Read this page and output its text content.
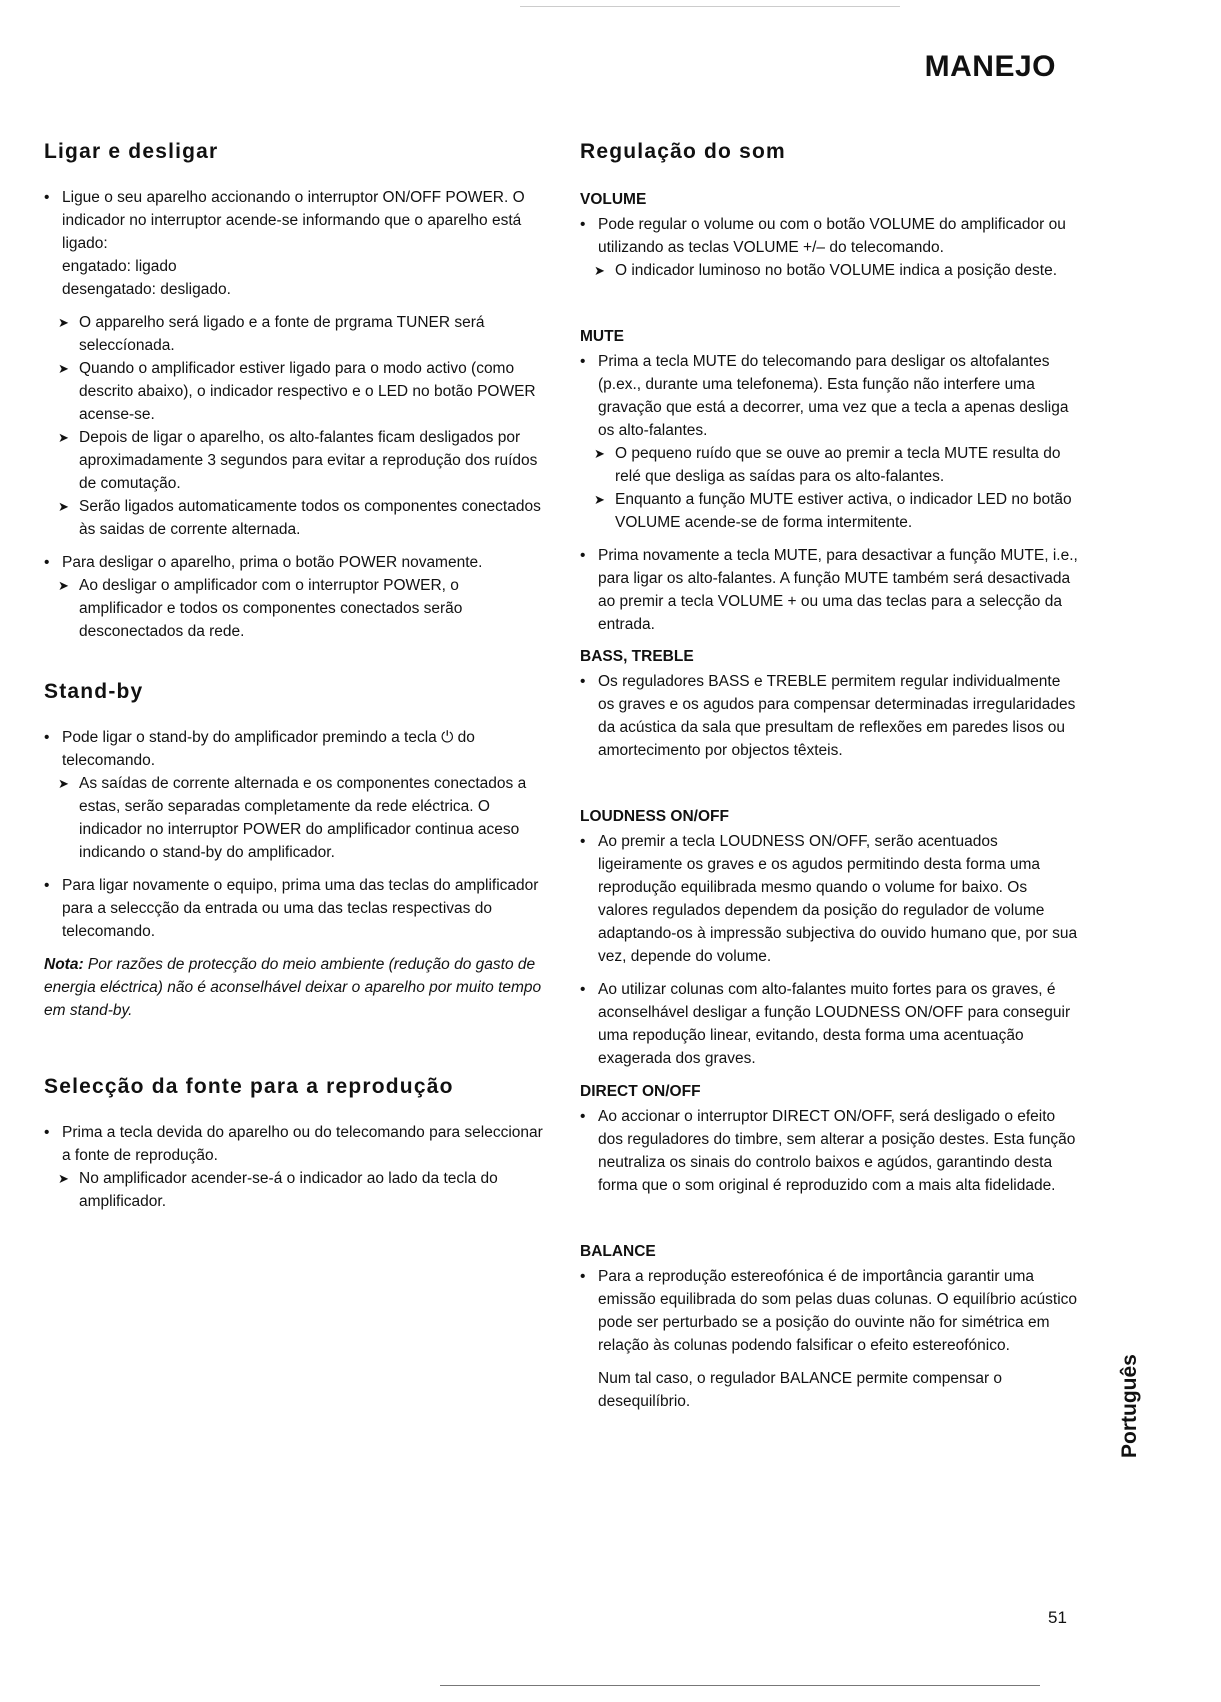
MANEJO
Ligar e desligar
• Ligue o seu aparelho accionando o interruptor ON/OFF POWER. O indicador no interruptor acende-se informando que o aparelho está ligado:
engatado: ligado
desengatado: desligado.
➤ O apparelho será ligado e a fonte de prgrama TUNER será seleccíonada.
➤ Quando o amplificador estiver ligado para o modo activo (como descrito abaixo), o indicador respectivo e o LED no botão POWER acense-se.
➤ Depois de ligar o aparelho, os alto-falantes ficam desligados por aproximadamente 3 segundos para evitar a reprodução dos ruídos de comutação.
➤ Serão ligados automaticamente todos os componentes conectados às saidas de corrente alternada.
• Para desligar o aparelho, prima o botão POWER novamente.
➤ Ao desligar o amplificador com o interruptor POWER, o amplificador e todos os componentes conectados serão desconectados da rede.
Stand-by
• Pode ligar o stand-by do amplificador premindo a tecla ⏻ do telecomando.
➤ As saídas de corrente alternada e os componentes conectados a estas, serão separadas completamente da rede eléctrica. O indicador no interruptor POWER do amplificador continua aceso indicando o stand-by do amplificador.
• Para ligar novamente o equipo, prima uma das teclas do amplificador para a seleccção da entrada ou uma das teclas respectivas do telecomando.
Nota: Por razões de protecção do meio ambiente (redução do gasto de energia eléctrica) não é aconselhável deixar o aparelho por muito tempo em stand-by.
Selecção da fonte para a reprodução
• Prima a tecla devida do aparelho ou do telecomando para seleccionar a fonte de reprodução.
➤ No amplificador acender-se-á o indicador ao lado da tecla do amplificador.
Regulação do som
VOLUME
• Pode regular o volume ou com o botão VOLUME do amplificador ou utilizando as teclas VOLUME +/– do telecomando.
➤ O indicador luminoso no botão VOLUME indica a posição deste.
MUTE
• Prima a tecla MUTE do telecomando para desligar os altofalantes (p.ex., durante uma telefonema). Esta função não interfere uma gravação que está a decorrer, uma vez que a tecla a apenas desliga os alto-falantes.
➤ O pequeno ruído que se ouve ao premir a tecla MUTE resulta do relé que desliga as saídas para os alto-falantes.
➤ Enquanto a função MUTE estiver activa, o indicador LED no botão VOLUME acende-se de forma intermitente.
• Prima novamente a tecla MUTE, para desactivar a função MUTE, i.e., para ligar os alto-falantes. A função MUTE também será desactivada ao premir a tecla VOLUME + ou uma das teclas para a selecção da entrada.
BASS, TREBLE
• Os reguladores BASS e TREBLE permitem regular individualmente os graves e os agudos para compensar determinadas irregularidades da acústica da sala que presultam de reflexões em paredes lisos ou amortecimento por objectos têxteis.
LOUDNESS ON/OFF
• Ao premir a tecla LOUDNESS ON/OFF, serão acentuados ligeiramente os graves e os agudos permitindo desta forma uma reprodução equilibrada mesmo quando o volume for baixo. Os valores regulados dependem da posição do regulador de volume adaptando-os à impressão subjectiva do ouvido humano que, por sua vez, depende do volume.
• Ao utilizar colunas com alto-falantes muito fortes para os graves, é aconselhável desligar a função LOUDNESS ON/OFF para conseguir uma repodução linear, evitando, desta forma uma acentuação exagerada dos graves.
DIRECT ON/OFF
• Ao accionar o interruptor DIRECT ON/OFF, será desligado o efeito dos reguladores do timbre, sem alterar a posição destes. Esta função neutraliza os sinais do controlo baixos e agúdos, garantindo desta forma que o som original é reproduzido com a mais alta fidelidade.
BALANCE
• Para a reprodução estereofónica é de importância garantir uma emissão equilibrada do som pelas duas colunas. O equilíbrio acústico pode ser perturbado se a posição do ouvinte não for simétrica em relação às colunas podendo falsificar o efeito estereofónico.
Num tal caso, o regulador BALANCE permite compensar o desequilíbrio.	Português
51
